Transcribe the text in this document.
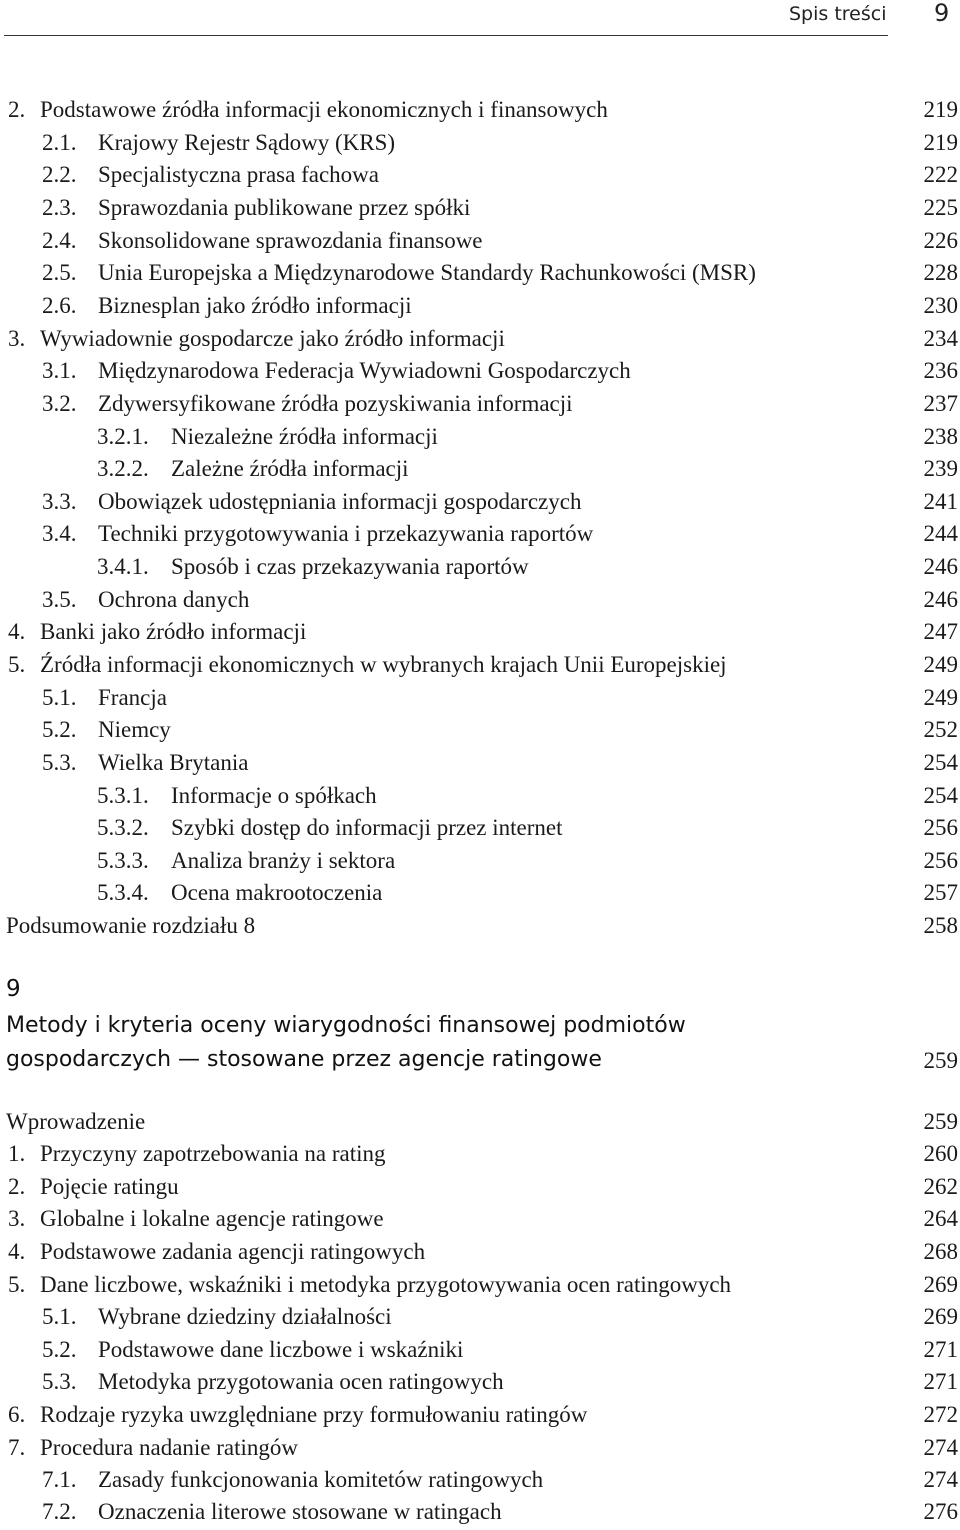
Spis treści 9
2. Podstawowe źródła informacji ekonomicznych i finansowych	219
2.1. Krajowy Rejestr Sądowy (KRS)	219
2.2. Specjalistyczna prasa fachowa	222
2.3. Sprawozdania publikowane przez spółki	225
2.4. Skonsolidowane sprawozdania finansowe	226
2.5. Unia Europejska a Międzynarodowe Standardy Rachunkowości (MSR)	228
2.6. Biznesplan jako źródło informacji	230
3. Wywiadownie gospodarcze jako źródło informacji	234
3.1. Międzynarodowa Federacja Wywiadowni Gospodarczych	236
3.2. Zdywersyfikowane źródła pozyskiwania informacji	237
3.2.1. Niezależne źródła informacji	238
3.2.2. Zależne źródła informacji	239
3.3. Obowiązek udostępniania informacji gospodarczych	241
3.4. Techniki przygotowywania i przekazywania raportów	244
3.4.1. Sposób i czas przekazywania raportów	246
3.5. Ochrona danych	246
4. Banki jako źródło informacji	247
5. Źródła informacji ekonomicznych w wybranych krajach Unii Europejskiej	249
5.1. Francja	249
5.2. Niemcy	252
5.3. Wielka Brytania	254
5.3.1. Informacje o spółkach	254
5.3.2. Szybki dostęp do informacji przez internet	256
5.3.3. Analiza branży i sektora	256
5.3.4. Ocena makrootoczenia	257
Podsumowanie rozdziału 8	258
9
Metody i kryteria oceny wiarygodności finansowej podmiotów
gospodarczych — stosowane przez agencje ratingowe	259
Wprowadzenie	259
1. Przyczyny zapotrzebowania na rating	260
2. Pojęcie ratingu	262
3. Globalne i lokalne agencje ratingowe	264
4. Podstawowe zadania agencji ratingowych	268
5. Dane liczbowe, wskaźniki i metodyka przygotowywania ocen ratingowych	269
5.1. Wybrane dziedziny działalności	269
5.2. Podstawowe dane liczbowe i wskaźniki	271
5.3. Metodyka przygotowania ocen ratingowych	271
6. Rodzaje ryzyka uwzględniane przy formułowaniu ratingów	272
7. Procedura nadanie ratingów	274
7.1. Zasady funkcjonowania komitetów ratingowych	274
7.2. Oznaczenia literowe stosowane w ratingach	276
